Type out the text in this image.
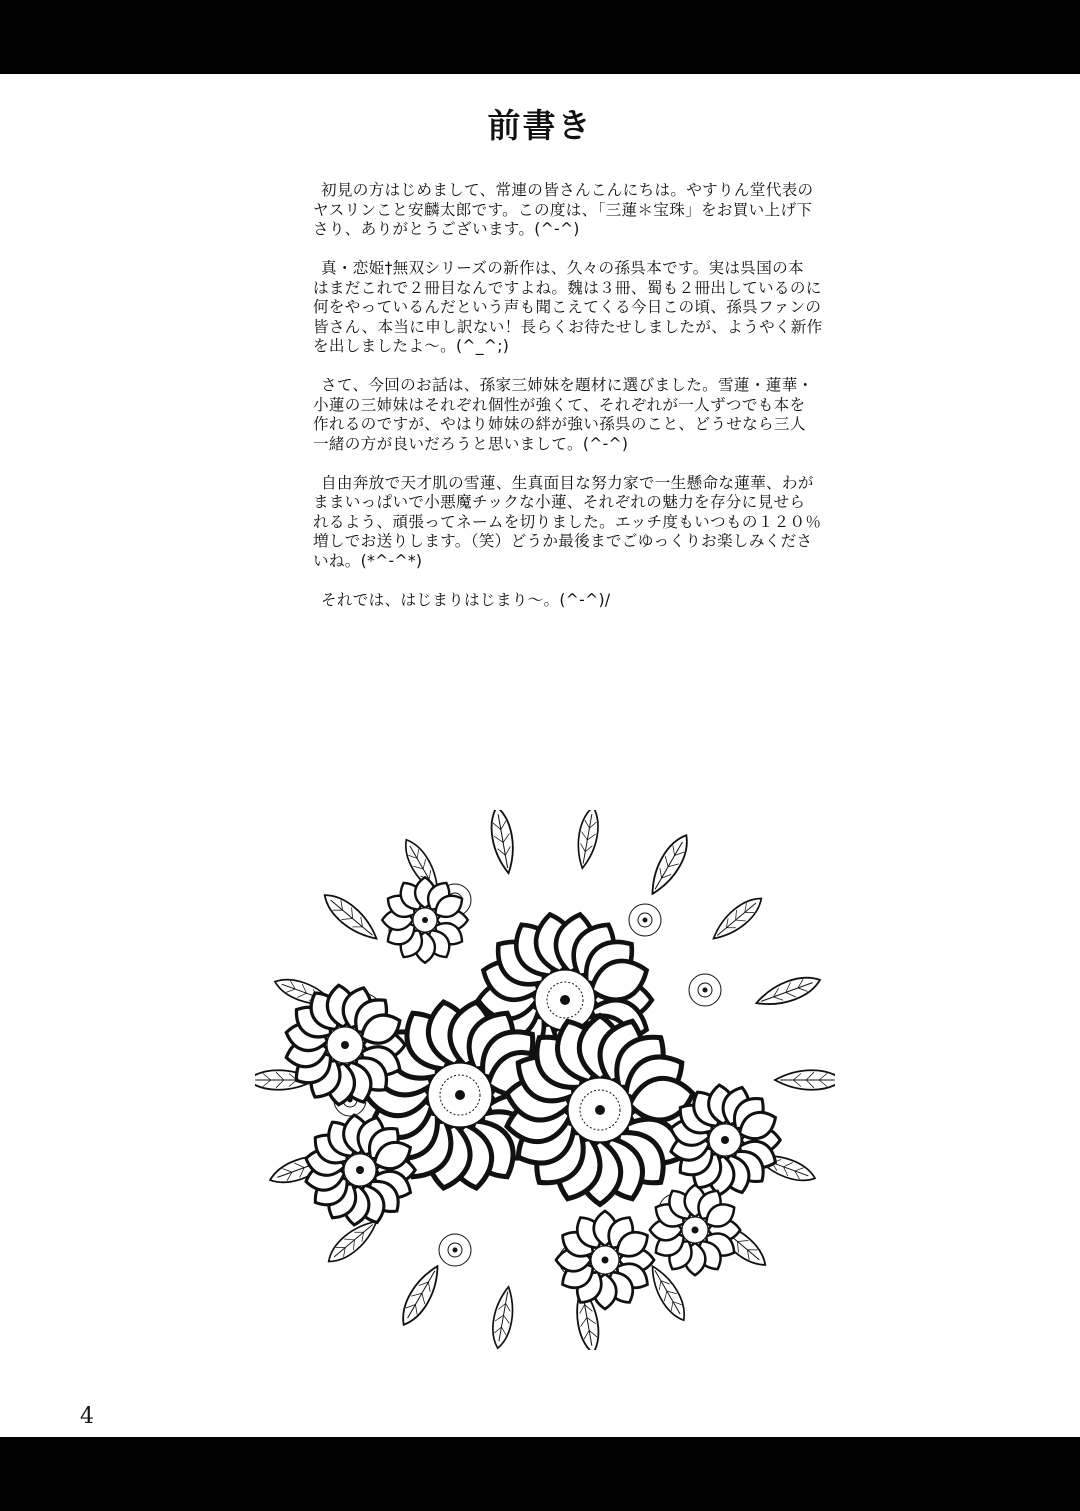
前書き
初見の方はじめまして、常連の皆さんこんにちは。やすりん堂代表の
ヤスリンこと安麟太郎です。この度は、「三蓮＊宝珠」をお買い上げ下
さり、ありがとうございます。(^-^)
真・恋姫†無双シリーズの新作は、久々の孫呉本です。実は呉国の本
はまだこれで２冊目なんですよね。魏は３冊、蜀も２冊出しているのに
何をやっているんだという声も聞こえてくる今日この頃、孫呉ファンの
皆さん、本当に申し訳ない！長らくお待たせしましたが、ようやく新作
を出しましたよ～。(^_^;)
さて、今回のお話は、孫家三姉妹を題材に選びました。雪蓮・蓮華・
小蓮の三姉妹はそれぞれ個性が強くて、それぞれが一人ずつでも本を
作れるのですが、やはり姉妹の絆が強い孫呉のこと、どうせなら三人
一緒の方が良いだろうと思いまして。(^-^)
自由奔放で天才肌の雪蓮、生真面目な努力家で一生懸命な蓮華、わが
ままいっぱいで小悪魔チックな小蓮、それぞれの魅力を存分に見せら
れるよう、頑張ってネームを切りました。エッチ度もいつもの１２０％
増しでお送りします。（笑）どうか最後までごゆっくりお楽しみくださ
いね。(*^-^*)
それでは、はじまりはじまり～。(^-^)/
4
